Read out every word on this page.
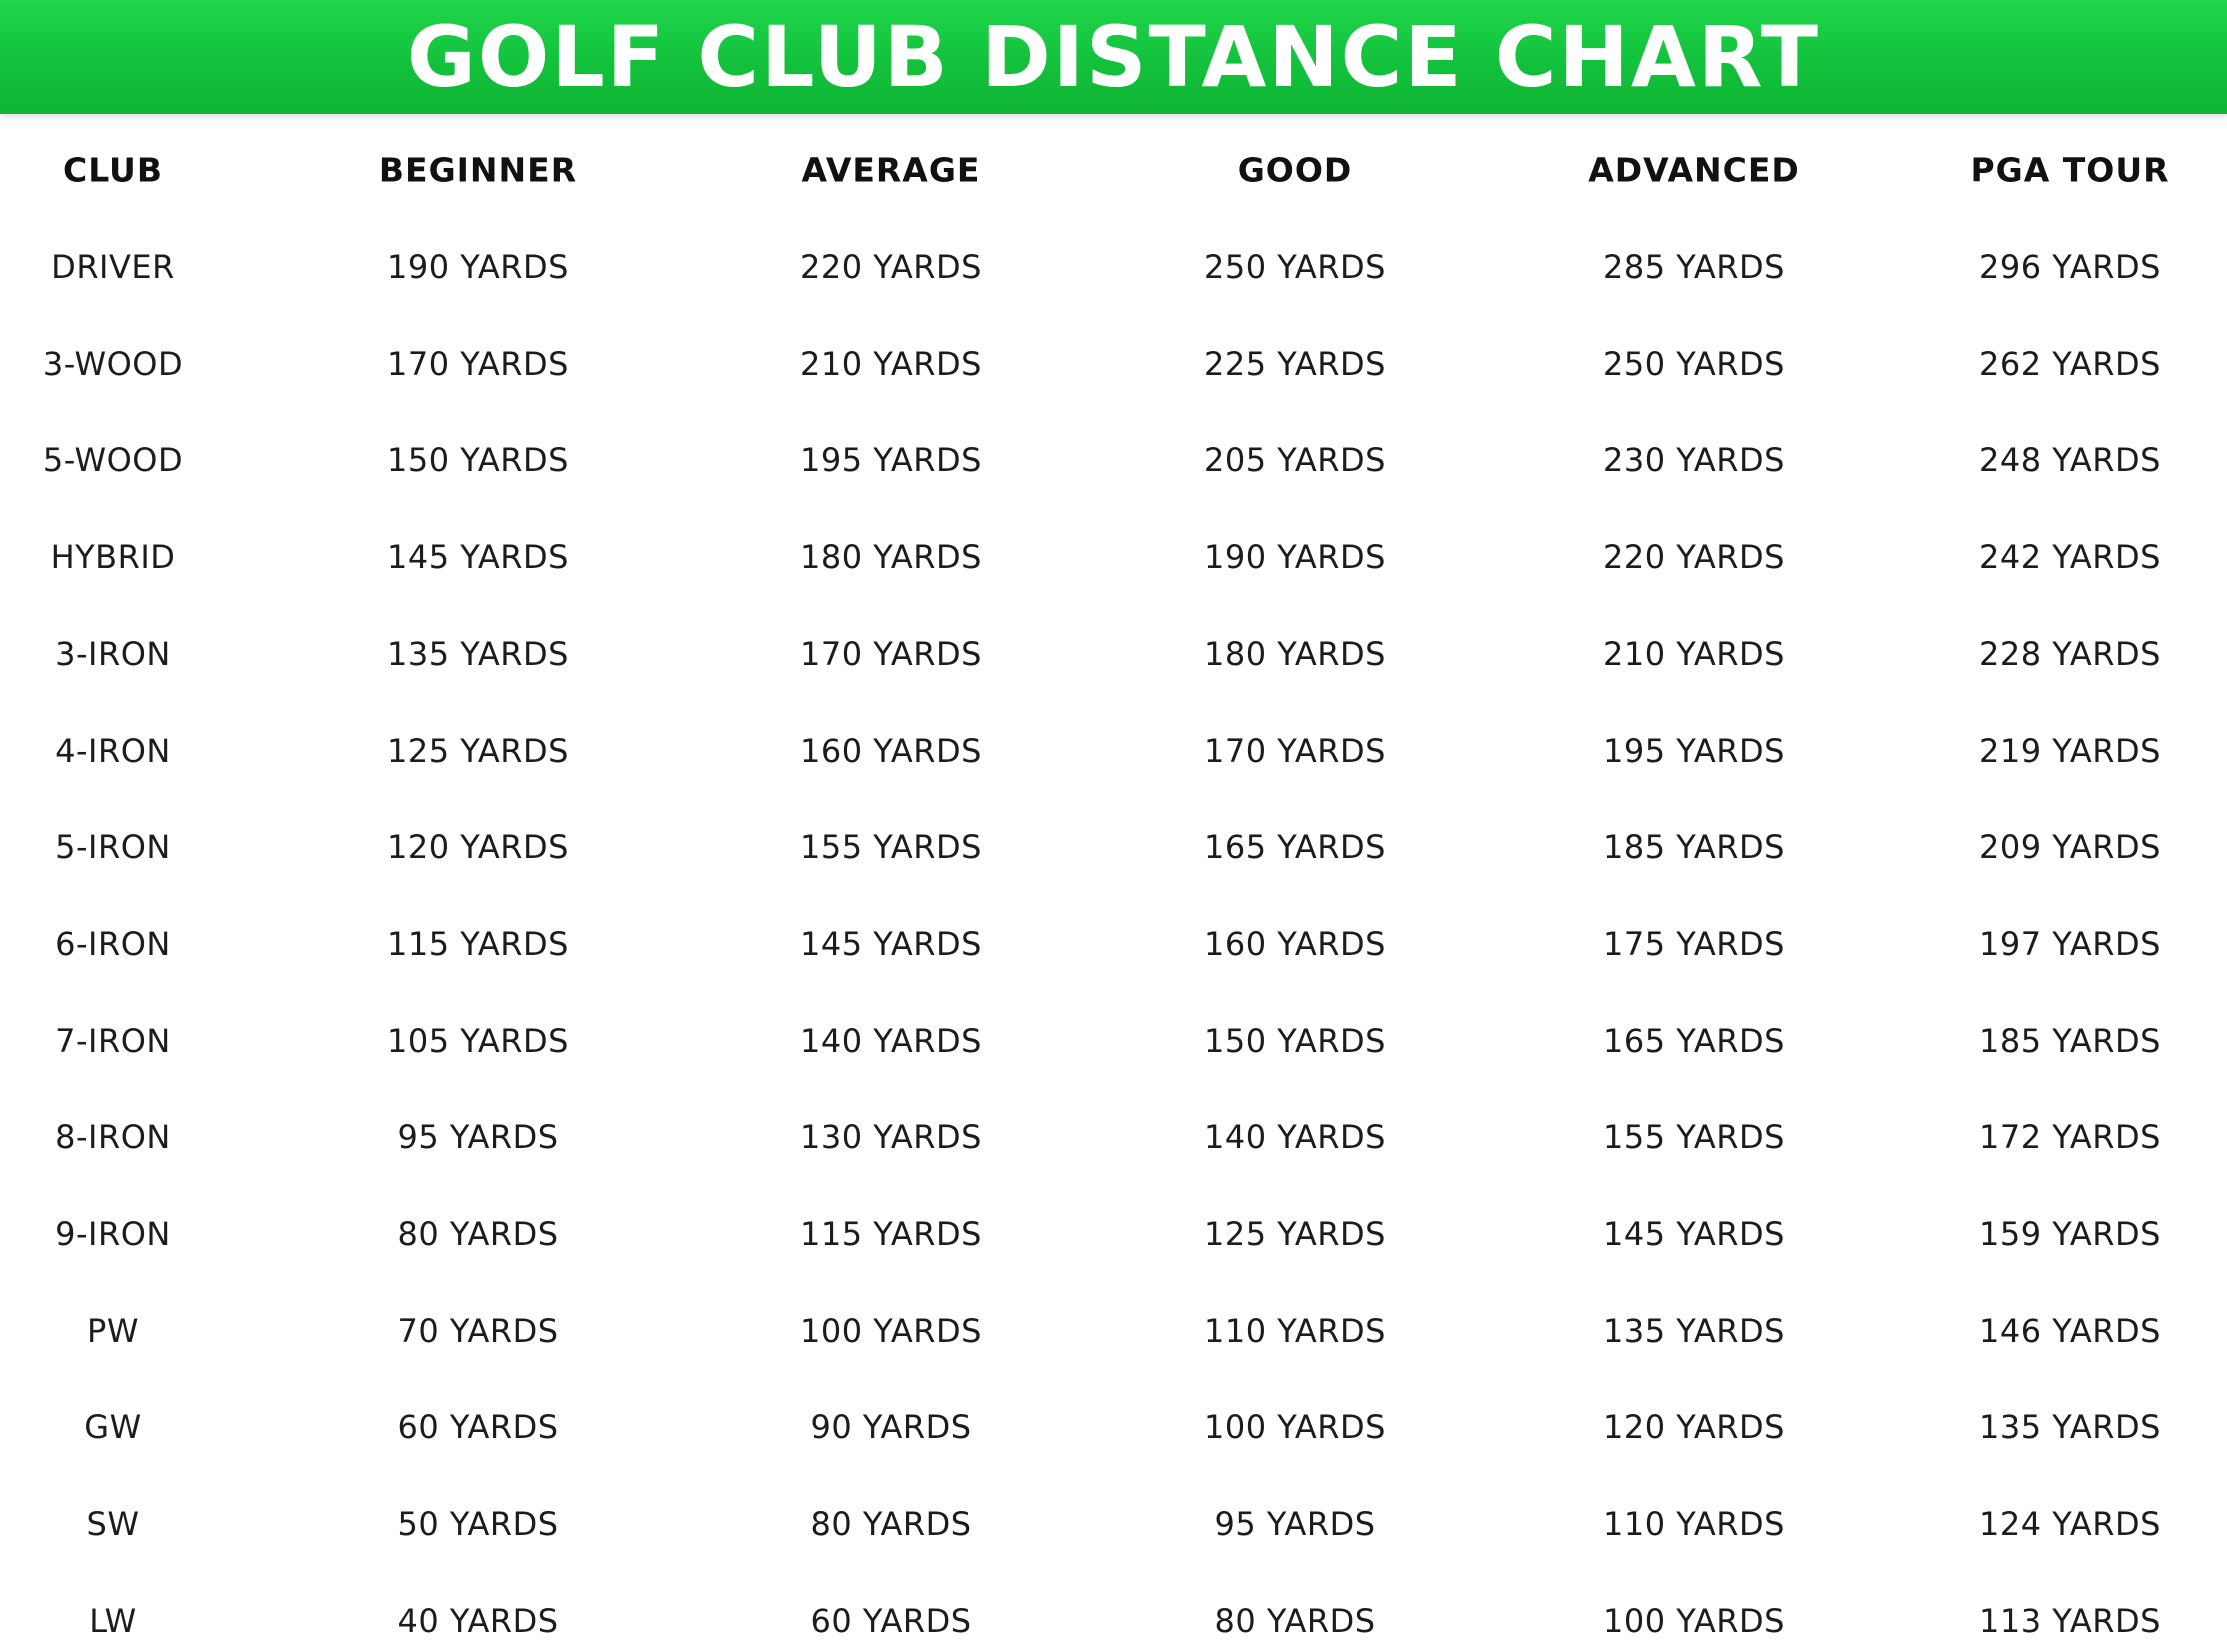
GOLF CLUB DISTANCE CHART
CLUB	BEGINNER	AVERAGE	GOOD	ADVANCED	PGA TOUR
DRIVER	190 YARDS	220 YARDS	250 YARDS	285 YARDS	296 YARDS
3-WOOD	170 YARDS	210 YARDS	225 YARDS	250 YARDS	262 YARDS
5-WOOD	150 YARDS	195 YARDS	205 YARDS	230 YARDS	248 YARDS
HYBRID	145 YARDS	180 YARDS	190 YARDS	220 YARDS	242 YARDS
3-IRON	135 YARDS	170 YARDS	180 YARDS	210 YARDS	228 YARDS
4-IRON	125 YARDS	160 YARDS	170 YARDS	195 YARDS	219 YARDS
5-IRON	120 YARDS	155 YARDS	165 YARDS	185 YARDS	209 YARDS
6-IRON	115 YARDS	145 YARDS	160 YARDS	175 YARDS	197 YARDS
7-IRON	105 YARDS	140 YARDS	150 YARDS	165 YARDS	185 YARDS
8-IRON	95 YARDS	130 YARDS	140 YARDS	155 YARDS	172 YARDS
9-IRON	80 YARDS	115 YARDS	125 YARDS	145 YARDS	159 YARDS
PW	70 YARDS	100 YARDS	110 YARDS	135 YARDS	146 YARDS
GW	60 YARDS	90 YARDS	100 YARDS	120 YARDS	135 YARDS
SW	50 YARDS	80 YARDS	95 YARDS	110 YARDS	124 YARDS
LW	40 YARDS	60 YARDS	80 YARDS	100 YARDS	113 YARDS
